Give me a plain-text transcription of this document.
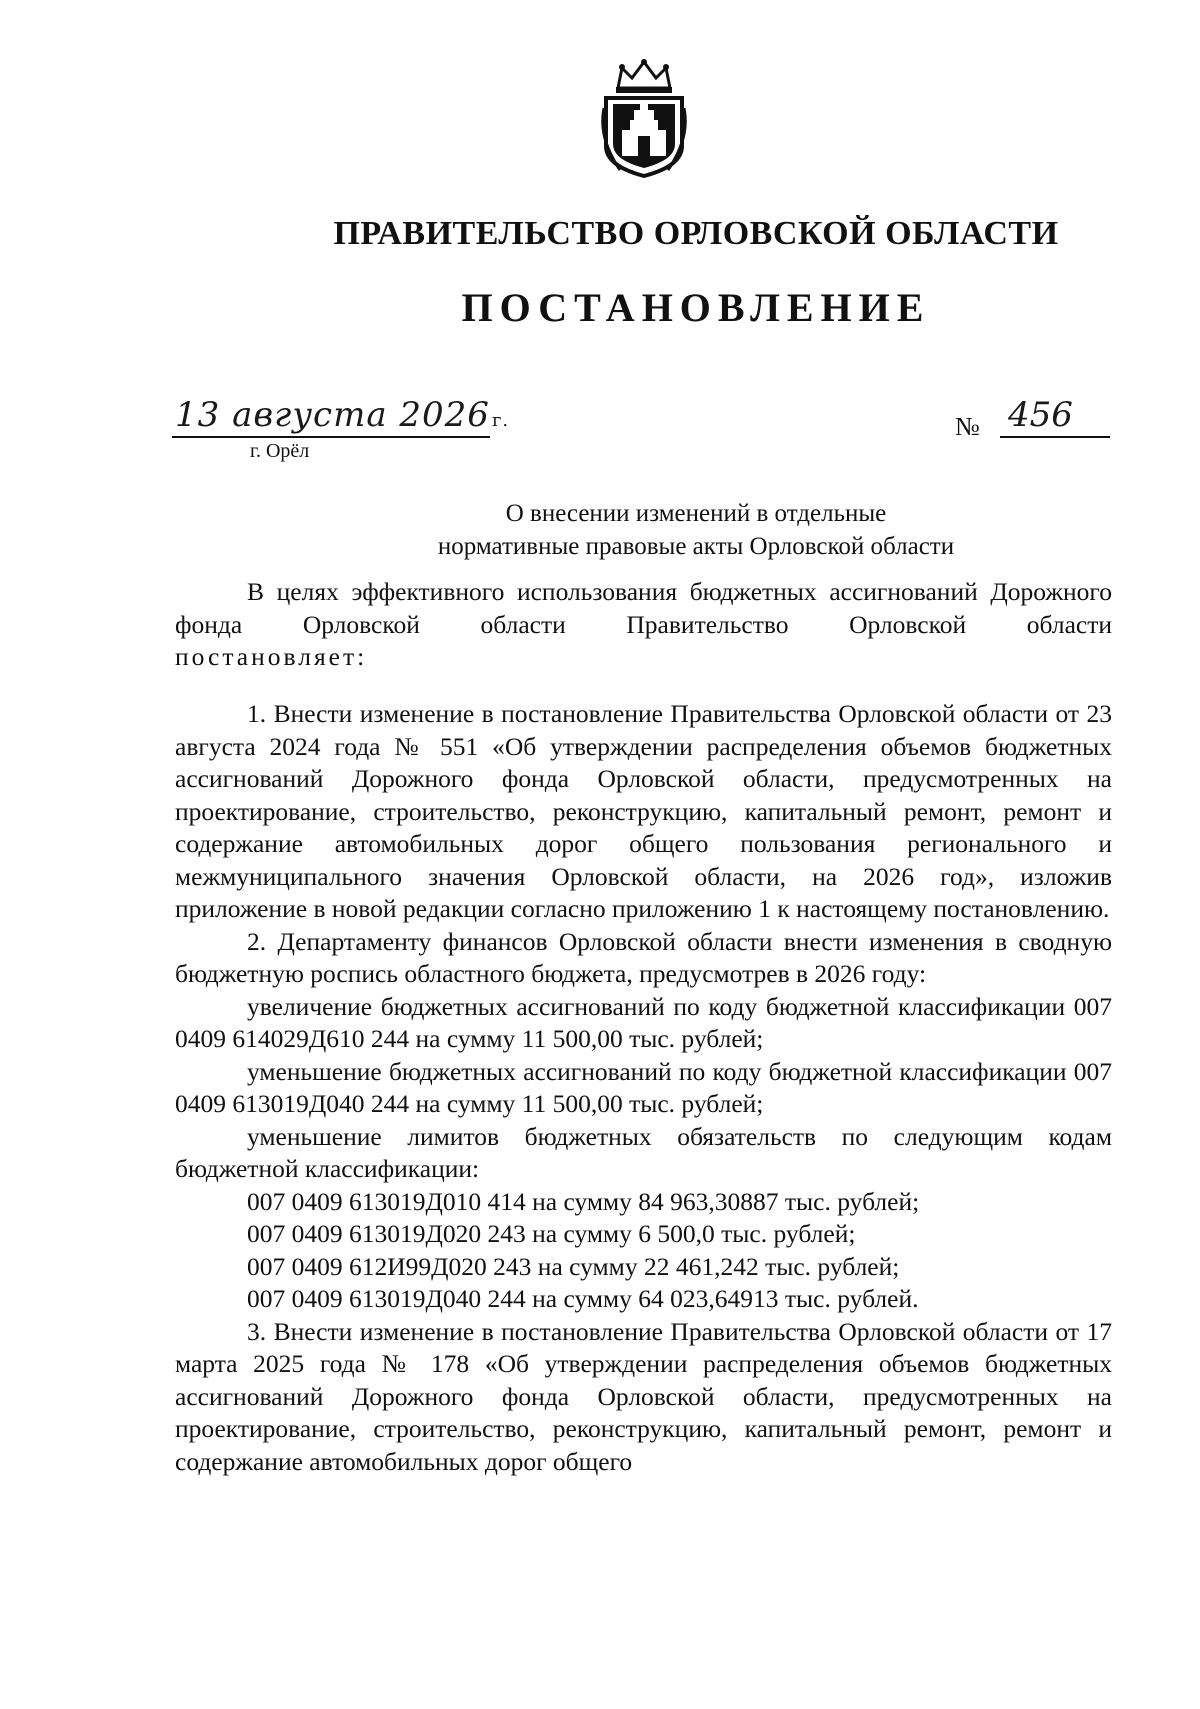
ПРАВИТЕЛЬСТВО ОРЛОВСКОЙ ОБЛАСТИ
ПОСТАНОВЛЕНИЕ
13 августа 2026 г.
г. Орёл
№ 456
О внесении изменений в отдельные
нормативные правовые акты Орловской области

В целях эффективного использования бюджетных ассигнований Дорожного фонда Орловской области Правительство Орловской области

постановляет:

1. Внести изменение в постановление Правительства Орловской области от 23 августа 2024 года № 551 «Об утверждении распределения объемов бюджетных ассигнований Дорожного фонда Орловской области, предусмотренных на проектирование, строительство, реконструкцию, капитальный ремонт, ремонт и содержание автомобильных дорог общего пользования регионального и межмуниципального значения Орловской области, на 2026 год», изложив приложение в новой редакции согласно приложению 1 к настоящему постановлению.

2. Департаменту финансов Орловской области внести изменения в сводную бюджетную роспись областного бюджета, предусмотрев в 2026 году:

увеличение бюджетных ассигнований по коду бюджетной классификации 007 0409 614029Д610 244 на сумму 11 500,00 тыс. рублей;

уменьшение бюджетных ассигнований по коду бюджетной классификации 007 0409 613019Д040 244 на сумму 11 500,00 тыс. рублей;

уменьшение лимитов бюджетных обязательств по следующим кодам бюджетной классификации:

007 0409 613019Д010 414 на сумму 84 963,30887 тыс. рублей;

007 0409 613019Д020 243 на сумму 6 500,0 тыс. рублей;

007 0409 612И99Д020 243 на сумму 22 461,242 тыс. рублей;

007 0409 613019Д040 244 на сумму 64 023,64913 тыс. рублей.

3. Внести изменение в постановление Правительства Орловской области от 17 марта 2025 года № 178 «Об утверждении распределения объемов бюджетных ассигнований Дорожного фонда Орловской области, предусмотренных на проектирование, строительство, реконструкцию, капитальный ремонт, ремонт и содержание автомобильных дорог общего
